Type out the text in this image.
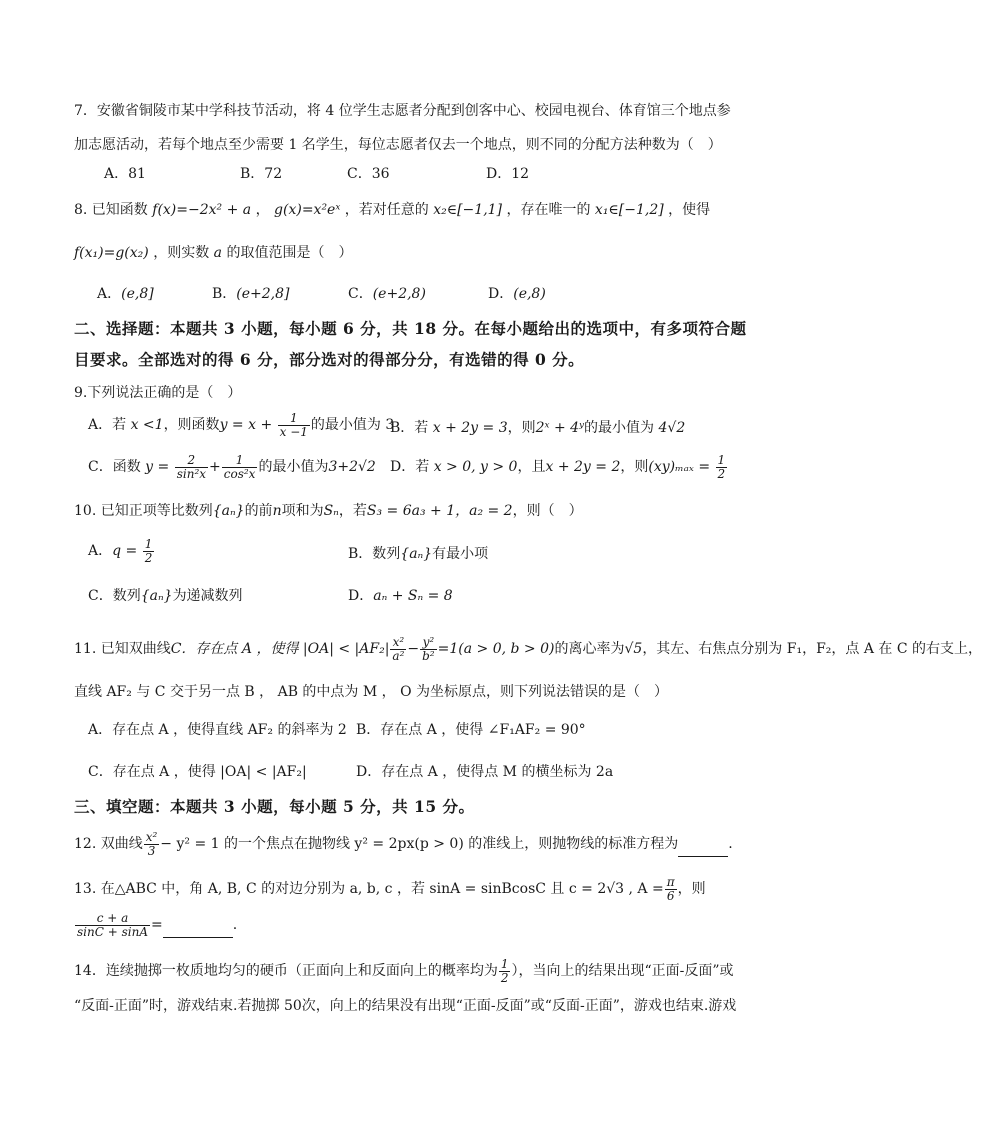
7．安徽省铜陵市某中学科技节活动，将 4 位学生志愿者分配到创客中心、校园电视台、体育馆三个地点参
加志愿活动，若每个地点至少需要 1 名学生，每位志愿者仅去一个地点，则不同的分配方法种数为（　）
A．81	B．72	C．36	D．12
8. 已知函数 f(x)=−2x² + a ， g(x)=x²eˣ ，若对任意的 x₂∈[−1,1] ，存在唯一的 x₁∈[−1,2] ，使得
f(x₁)=g(x₂) ，则实数 a 的取值范围是（　）
A．(e,8]	B．(e+2,8]	C．(e+2,8)	D．(e,8)
二、选择题：本题共 3 小题，每小题 6 分，共 18 分。在每小题给出的选项中，有多项符合题
目要求。全部选对的得 6 分，部分选对的得部分分，有选错的得 0 分。
9.下列说法正确的是（　）
A．若 x <1，则函数$y = x + \frac{1}{x -1}$ 的最小值为 3
B．若 x + 2y = 3，则2ˣ + 4ʸ的最小值为 4√2
C．函数 $y = \frac{2}{\text{sin²x}} + \frac{1}{\text{cos²x}}$ 的最小值为3+2√2 D．若 x > 0, y > 0，且x + 2y = 2，则$(xy)_{max} = \frac{1}{2}$
10. 已知正项等比数列{aₙ}的前n项和为Sₙ，若S₃ = 6a₃ + 1，a₂ = 2，则（　）
A．$q = \frac{1}{2}$	B．数列{aₙ}有最小项
C．数列{aₙ}为递减数列	D．aₙ + Sₙ = 8
11. 已知双曲线C．存在点 A ，使得 $|OA| < |AF_2| \frac{\text{x²}}{\text{a²}} - \frac{\text{y²}}{\text{b²}} =1(a > 0$, b > 0)的离心率为√5，其左、右焦点分别为 F₁，F₂，点 A 在 C 的右支上，
直线 AF₂ 与 C 交于另一点 B ， AB 的中点为 M ， O 为坐标原点，则下列说法错误的是（　）
A．存在点 A ，使得直线 AF₂ 的斜率为 2 B．存在点 A ，使得 ∠F₁AF₂ = 90°
C．存在点 A ，使得 |OA| < |AF₂|	D．存在点 A ，使得点 M 的横坐标为 2a
三、填空题：本题共 3 小题，每小题 5 分，共 15 分。
12. 双曲线 $\frac{\text{x²}}{3} - y^2 = 1$ 的一个焦点在抛物线 y² = 2px(p > 0) 的准线上，则抛物线的标准方程为	.
13. 在△ABC 中，角 A, B, C 的对边分别为 a, b, c ，若 sinA = sinBcosC 且 c = 2√3 , $A = \frac{\pi}{6}$ ，则
$\frac{c + a}{\sin C + \sin A}$ =	.
14．连续抛掷一枚质地均匀的硬币（正面向上和反面向上的概率均为 $\frac{1}{2}$ ），当向上的结果出现“正面-反面”或
“反面-正面”时，游戏结束.若抛掷 50次，向上的结果没有出现“正面-反面”或“反面-正面”，游戏也结束.游戏
